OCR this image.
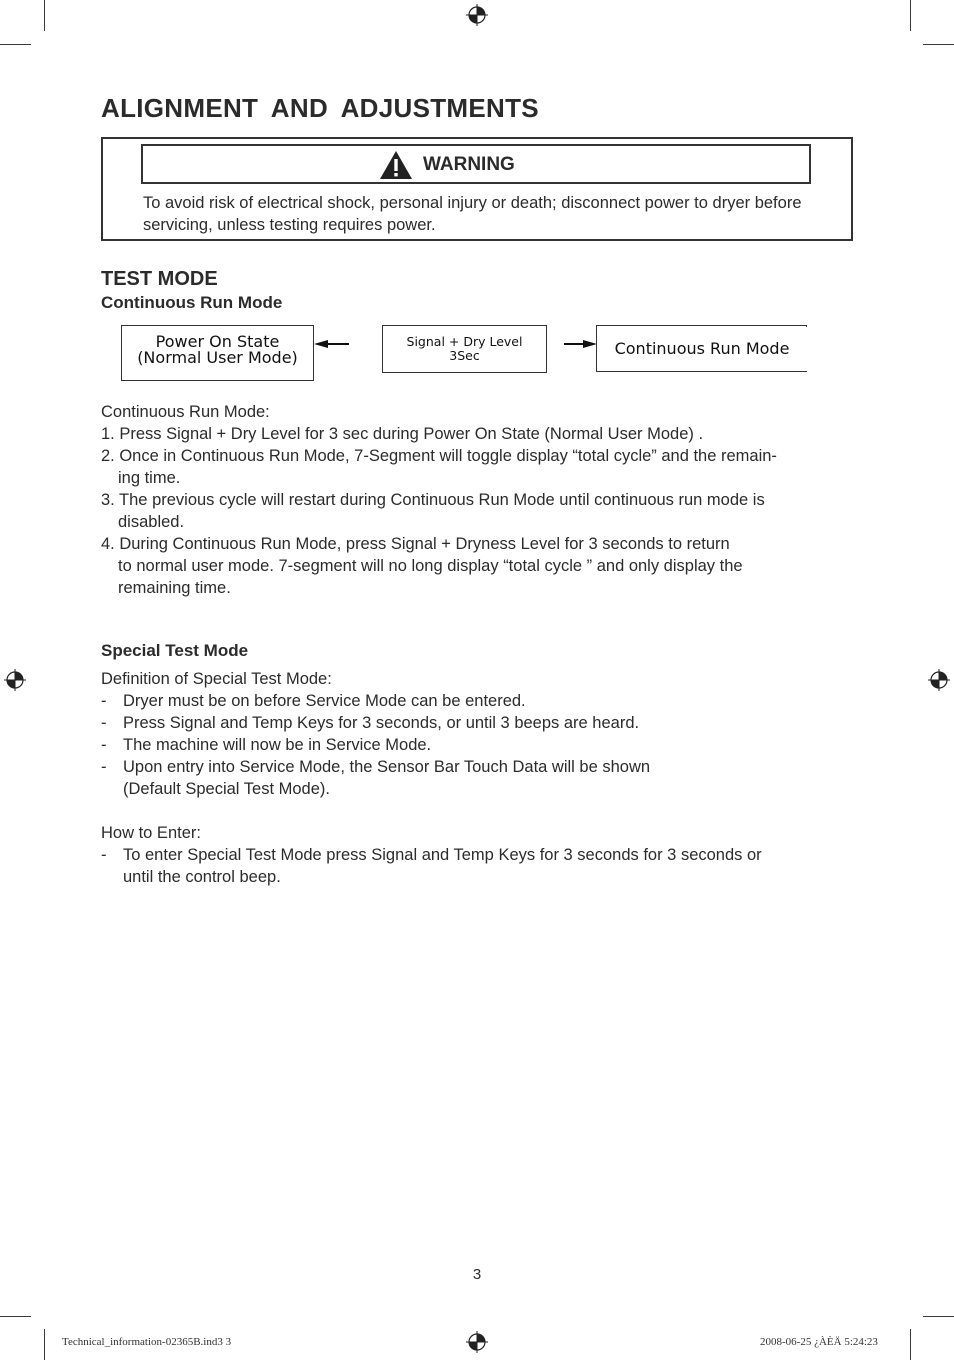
ALIGNMENT AND ADJUSTMENTS
WARNING
To avoid risk of electrical shock, personal injury or death; disconnect power to dryer before servicing, unless testing requires power.
TEST MODE
Continuous Run Mode
Power On State
(Normal User Mode)
Signal + Dry Level
3Sec	Continuous Run Mode
Continuous Run Mode:
1. Press Signal + Dry Level for 3 sec during Power On State (Normal User Mode) .
2. Once in Continuous Run Mode, 7-Segment will toggle display “total cycle” and the remain-
ing time.
3. The previous cycle will restart during Continuous Run Mode until continuous run mode is
disabled.
4. During Continuous Run Mode, press Signal + Dryness Level for 3 seconds to return
to normal user mode. 7-segment will no long display “total cycle ” and only display the
remaining time.
Special Test Mode
Definition of Special Test Mode:
- Dryer must be on before Service Mode can be entered.
- Press Signal and Temp Keys for 3 seconds, or until 3 beeps are heard.
- The machine will now be in Service Mode.
- Upon entry into Service Mode, the Sensor Bar Touch Data will be shown
(Default Special Test Mode).
How to Enter:
- To enter Special Test Mode press Signal and Temp Keys for 3 seconds for 3 seconds or
until the control beep.
3
Technical_information-02365B.ind3 3	2008-06-25 ¿ÀÈÄ 5:24:23
